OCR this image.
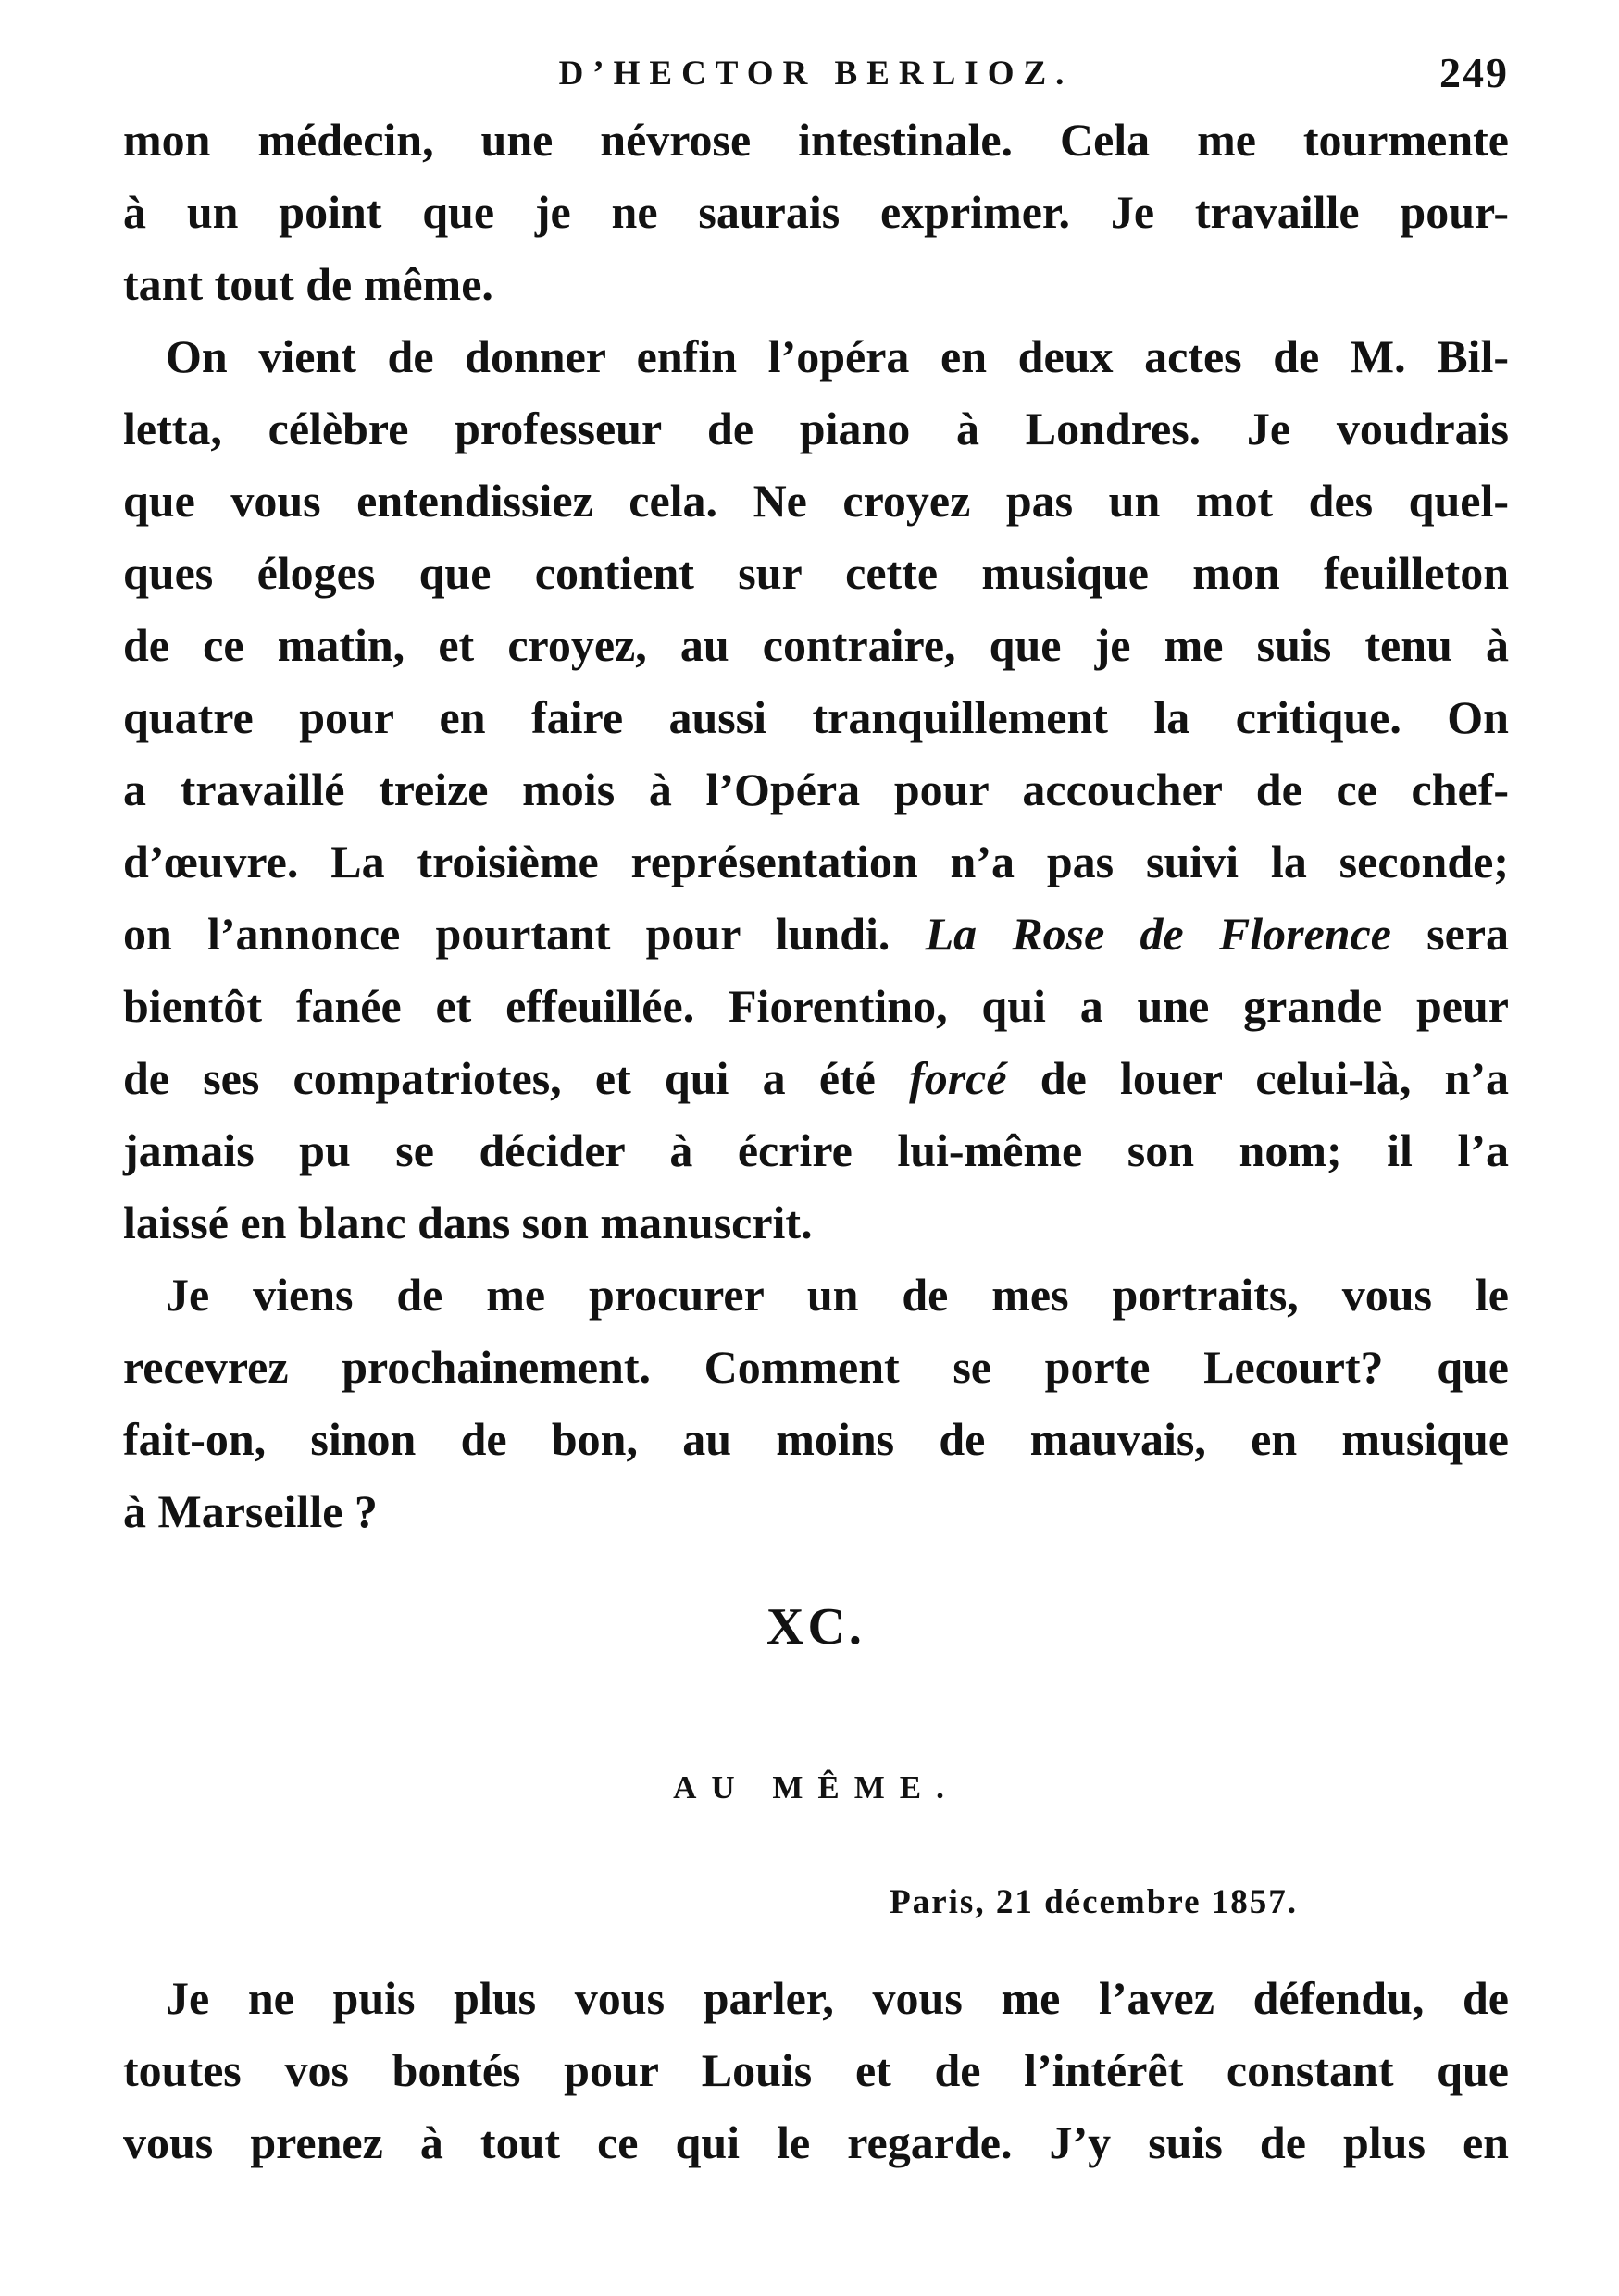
D’HECTOR BERLIOZ.	249
mon médecin, une névrose intestinale. Cela me tourmente
à un point que je ne saurais exprimer. Je travaille pour-
tant tout de même.
On vient de donner enfin l’opéra en deux actes de M. Bil-
letta, célèbre professeur de piano à Londres. Je voudrais
que vous entendissiez cela. Ne croyez pas un mot des quel-
ques éloges que contient sur cette musique mon feuilleton
de ce matin, et croyez, au contraire, que je me suis tenu à
quatre pour en faire aussi tranquillement la critique. On
a travaillé treize mois à l’Opéra pour accoucher de ce chef-
d’œuvre. La troisième représentation n’a pas suivi la seconde;
on l’annonce pourtant pour lundi. La Rose de Florence sera
bientôt fanée et effeuillée. Fiorentino, qui a une grande peur
de ses compatriotes, et qui a été forcé de louer celui-là, n’a
jamais pu se décider à écrire lui-même son nom; il l’a
laissé en blanc dans son manuscrit.
Je viens de me procurer un de mes portraits, vous le
recevrez prochainement. Comment se porte Lecourt? que
fait-on, sinon de bon, au moins de mauvais, en musique
à Marseille ?
XC.
AU MÊME.
Paris, 21 décembre 1857.
Je ne puis plus vous parler, vous me l’avez défendu, de
toutes vos bontés pour Louis et de l’intérêt constant que
vous prenez à tout ce qui le regarde. J’y suis de plus en
